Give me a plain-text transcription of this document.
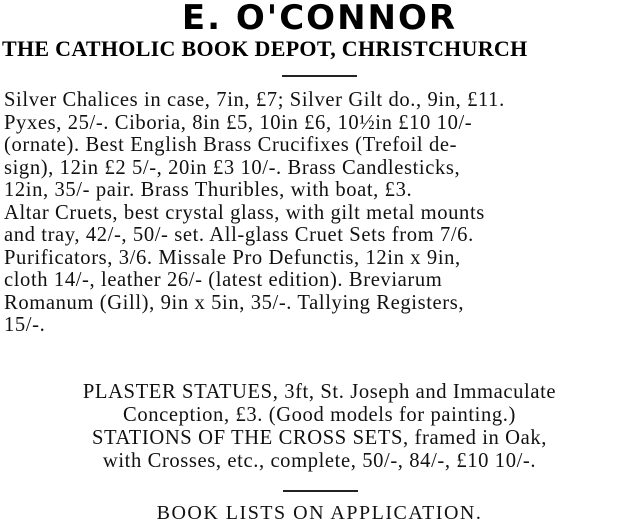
E. O'CONNOR
THE CATHOLIC BOOK DEPOT, CHRISTCHURCH
Silver Chalices in case, 7in, £7; Silver Gilt do., 9in, £11.
Pyxes, 25/-. Ciboria, 8in £5, 10in £6, 10½in £10 10/-
(ornate). Best English Brass Crucifixes (Trefoil de-
sign), 12in £2 5/-, 20in £3 10/-. Brass Candlesticks,
12in, 35/- pair. Brass Thuribles, with boat, £3.
Altar Cruets, best crystal glass, with gilt metal mounts
and tray, 42/-, 50/- set. All-glass Cruet Sets from 7/6.
Purificators, 3/6. Missale Pro Defunctis, 12in x 9in,
cloth 14/-, leather 26/- (latest edition). Breviarum
Romanum (Gill), 9in x 5in, 35/-. Tallying Registers,
15/-.
PLASTER STATUES, 3ft, St. Joseph and Immaculate
Conception, £3. (Good models for painting.)
STATIONS OF THE CROSS SETS, framed in Oak,
with Crosses, etc., complete, 50/-, 84/-, £10 10/-.
BOOK LISTS ON APPLICATION.
